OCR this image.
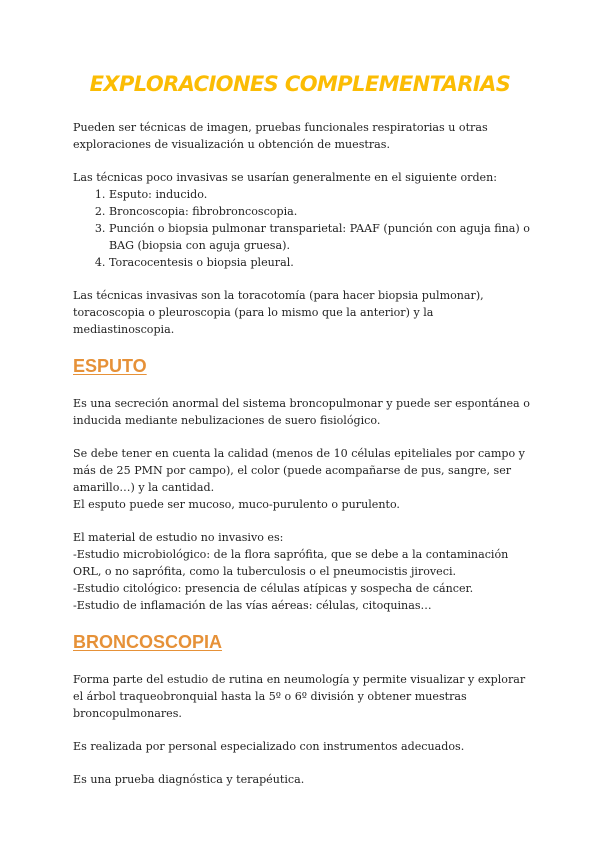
EXPLORACIONES COMPLEMENTARIAS

Pueden ser técnicas de imagen, pruebas funcionales respiratorias u otras exploraciones de visualización u obtención de muestras.

Las técnicas poco invasivas se usarían generalmente en el siguiente orden:

1. Esputo: inducido.
2. Broncoscopia: fibrobroncoscopia.
3. Punción o biopsia pulmonar transparietal: PAAF (punción con aguja fina) o BAG (biopsia con aguja gruesa).
4. Toracocentesis o biopsia pleural.

Las técnicas invasivas son la toracotomía (para hacer biopsia pulmonar), toracoscopia o pleuroscopia (para lo mismo que la anterior) y la mediastinoscopia.

ESPUTO

Es una secreción anormal del sistema broncopulmonar y puede ser espontánea o inducida mediante nebulizaciones de suero fisiológico.

Se debe tener en cuenta la calidad (menos de 10 células epiteliales por campo y más de 25 PMN por campo), el color (puede acompañarse de pus, sangre, ser amarillo…) y la cantidad.

El esputo puede ser mucoso, muco-purulento o purulento.

El material de estudio no invasivo es:

-Estudio microbiológico: de la flora saprófita, que se debe a la contaminación ORL, o no saprófita, como la tuberculosis o el pneumocistis jiroveci.

-Estudio citológico: presencia de células atípicas y sospecha de cáncer.

-Estudio de inflamación de las vías aéreas: células, citoquinas…

BRONCOSCOPIA

Forma parte del estudio de rutina en neumología y permite visualizar y explorar el árbol traqueobronquial hasta la 5º o 6º división y obtener muestras broncopulmonares.

Es realizada por personal especializado con instrumentos adecuados.

Es una prueba diagnóstica y terapéutica.
